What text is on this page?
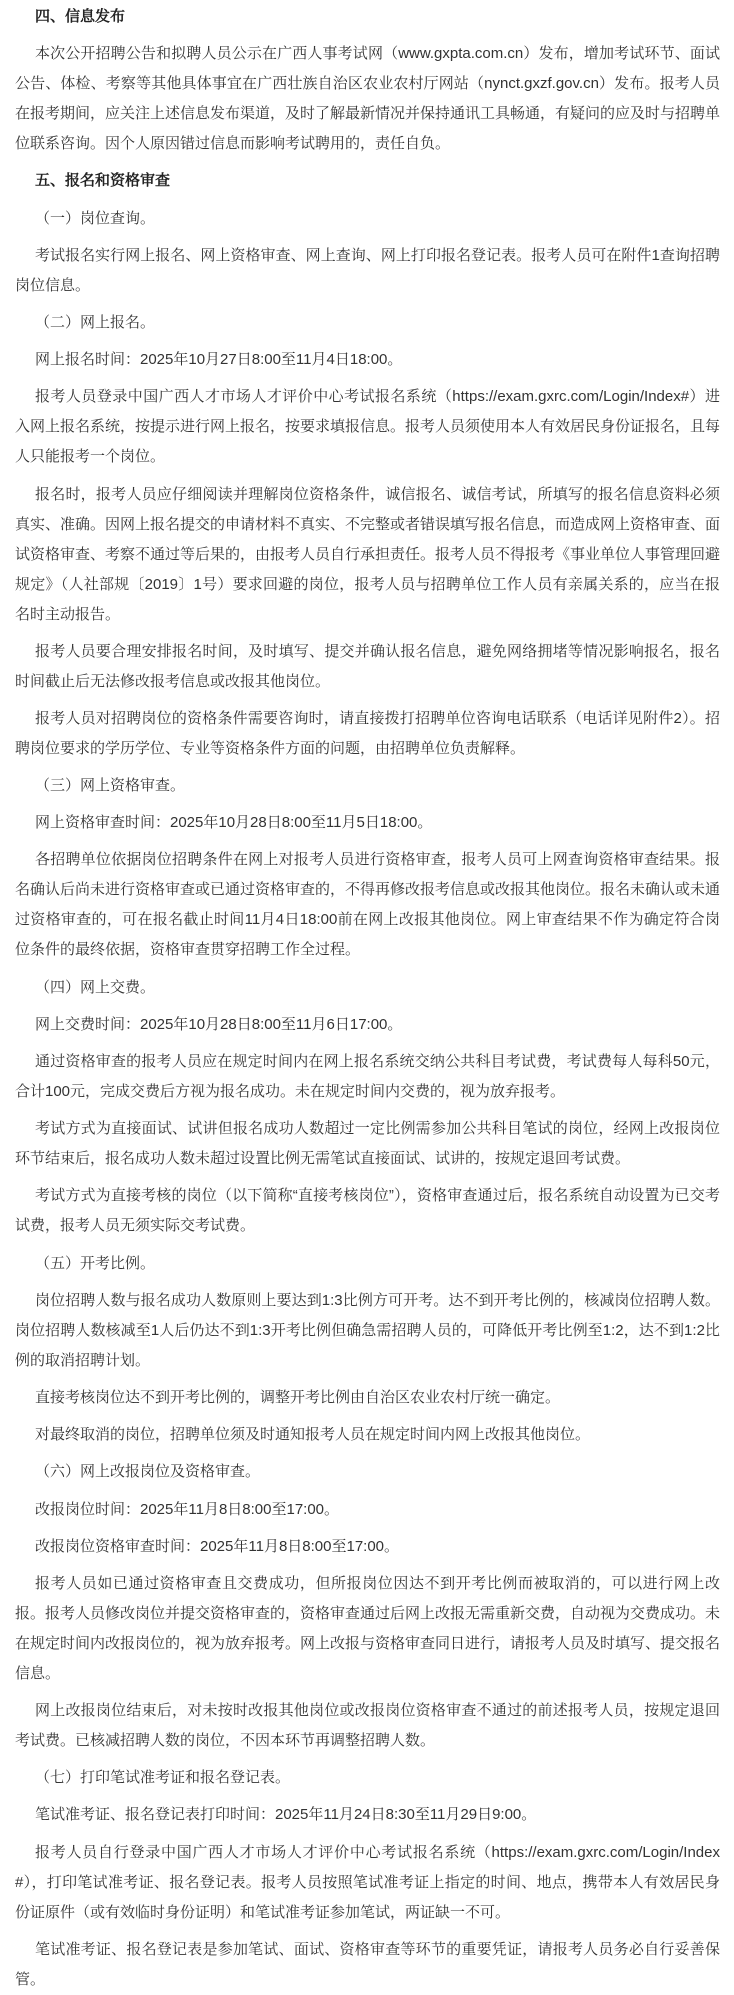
四、信息发布

本次公开招聘公告和拟聘人员公示在广西人事考试网（www.gxpta.com.cn）发布，增加考试环节、面试公告、体检、考察等其他具体事宜在广西壮族自治区农业农村厅网站（nynct.gxzf.gov.cn）发布。报考人员在报考期间，应关注上述信息发布渠道，及时了解最新情况并保持通讯工具畅通，有疑问的应及时与招聘单位联系咨询。因个人原因错过信息而影响考试聘用的，责任自负。

五、报名和资格审查

（一）岗位查询。

考试报名实行网上报名、网上资格审查、网上查询、网上打印报名登记表。报考人员可在附件1查询招聘岗位信息。

（二）网上报名。

网上报名时间：2025年10月27日8:00至11月4日18:00。

报考人员登录中国广西人才市场人才评价中心考试报名系统（https://exam.gxrc.com/Login/Index#）进入网上报名系统，按提示进行网上报名，按要求填报信息。报考人员须使用本人有效居民身份证报名，且每人只能报考一个岗位。

报名时，报考人员应仔细阅读并理解岗位资格条件，诚信报名、诚信考试，所填写的报名信息资料必须真实、准确。因网上报名提交的申请材料不真实、不完整或者错误填写报名信息，而造成网上资格审查、面试资格审查、考察不通过等后果的，由报考人员自行承担责任。报考人员不得报考《事业单位人事管理回避规定》（人社部规〔2019〕1号）要求回避的岗位，报考人员与招聘单位工作人员有亲属关系的，应当在报名时主动报告。

报考人员要合理安排报名时间，及时填写、提交并确认报名信息，避免网络拥堵等情况影响报名，报名时间截止后无法修改报考信息或改报其他岗位。

报考人员对招聘岗位的资格条件需要咨询时，请直接拨打招聘单位咨询电话联系（电话详见附件2）。招聘岗位要求的学历学位、专业等资格条件方面的问题，由招聘单位负责解释。

（三）网上资格审查。

网上资格审查时间：2025年10月28日8:00至11月5日18:00。

各招聘单位依据岗位招聘条件在网上对报考人员进行资格审查，报考人员可上网查询资格审查结果。报名确认后尚未进行资格审查或已通过资格审查的，不得再修改报考信息或改报其他岗位。报名未确认或未通过资格审查的，可在报名截止时间11月4日18:00前在网上改报其他岗位。网上审查结果不作为确定符合岗位条件的最终依据，资格审查贯穿招聘工作全过程。

（四）网上交费。

网上交费时间：2025年10月28日8:00至11月6日17:00。

通过资格审查的报考人员应在规定时间内在网上报名系统交纳公共科目考试费，考试费每人每科50元，合计100元，完成交费后方视为报名成功。未在规定时间内交费的，视为放弃报考。

考试方式为直接面试、试讲但报名成功人数超过一定比例需参加公共科目笔试的岗位，经网上改报岗位环节结束后，报名成功人数未超过设置比例无需笔试直接面试、试讲的，按规定退回考试费。

考试方式为直接考核的岗位（以下简称“直接考核岗位”），资格审查通过后，报名系统自动设置为已交考试费，报考人员无须实际交考试费。

（五）开考比例。

岗位招聘人数与报名成功人数原则上要达到1:3比例方可开考。达不到开考比例的，核减岗位招聘人数。岗位招聘人数核减至1人后仍达不到1:3开考比例但确急需招聘人员的，可降低开考比例至1:2，达不到1:2比例的取消招聘计划。

直接考核岗位达不到开考比例的，调整开考比例由自治区农业农村厅统一确定。

对最终取消的岗位，招聘单位须及时通知报考人员在规定时间内网上改报其他岗位。

（六）网上改报岗位及资格审查。

改报岗位时间：2025年11月8日8:00至17:00。

改报岗位资格审查时间：2025年11月8日8:00至17:00。

报考人员如已通过资格审查且交费成功，但所报岗位因达不到开考比例而被取消的，可以进行网上改报。报考人员修改岗位并提交资格审查的，资格审查通过后网上改报无需重新交费，自动视为交费成功。未在规定时间内改报岗位的，视为放弃报考。网上改报与资格审查同日进行，请报考人员及时填写、提交报名信息。

网上改报岗位结束后，对未按时改报其他岗位或改报岗位资格审查不通过的前述报考人员，按规定退回考试费。已核减招聘人数的岗位，不因本环节再调整招聘人数。

（七）打印笔试准考证和报名登记表。

笔试准考证、报名登记表打印时间：2025年11月24日8:30至11月29日9:00。

报考人员自行登录中国广西人才市场人才评价中心考试报名系统（https://exam.gxrc.com/Login/Index#），打印笔试准考证、报名登记表。报考人员按照笔试准考证上指定的时间、地点，携带本人有效居民身份证原件（或有效临时身份证明）和笔试准考证参加笔试，两证缺一不可。

笔试准考证、报名登记表是参加笔试、面试、资格审查等环节的重要凭证，请报考人员务必自行妥善保管。
